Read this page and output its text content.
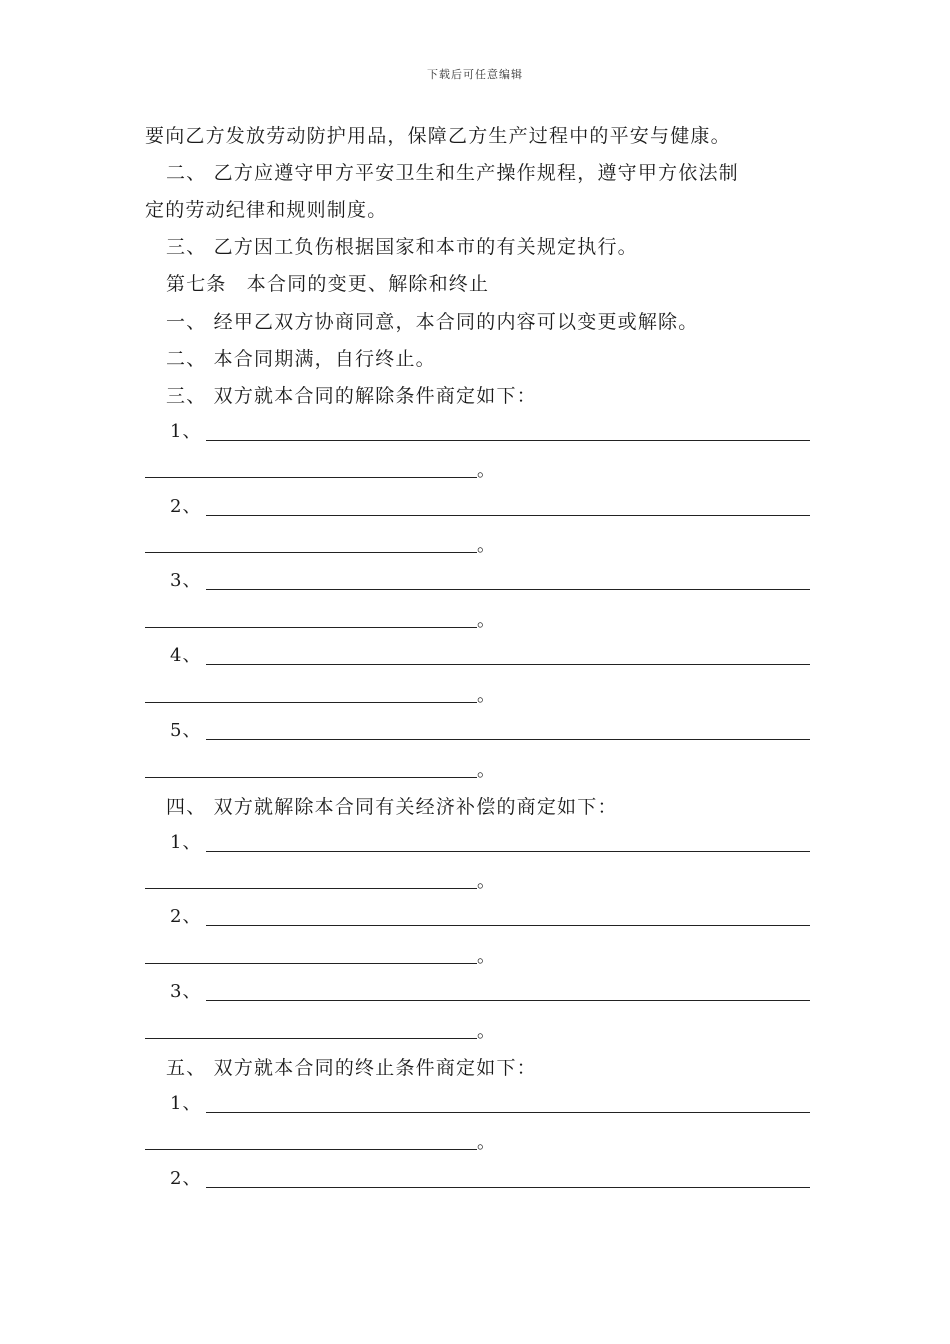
下载后可任意编辑
要向乙方发放劳动防护用品，保障乙方生产过程中的平安与健康。
二、 乙方应遵守甲方平安卫生和生产操作规程，遵守甲方依法制
定的劳动纪律和规则制度。
三、 乙方因工负伤根据国家和本市的有关规定执行。
第七条　本合同的变更、解除和终止
一、 经甲乙双方协商同意，本合同的内容可以变更或解除。
二、 本合同期满，自行终止。
三、 双方就本合同的解除条件商定如下：
1、
。
2、
。
3、
。
4、
。
5、
。
四、 双方就解除本合同有关经济补偿的商定如下：
1、
。
2、
。
3、
。
五、 双方就本合同的终止条件商定如下：
1、
。
2、
